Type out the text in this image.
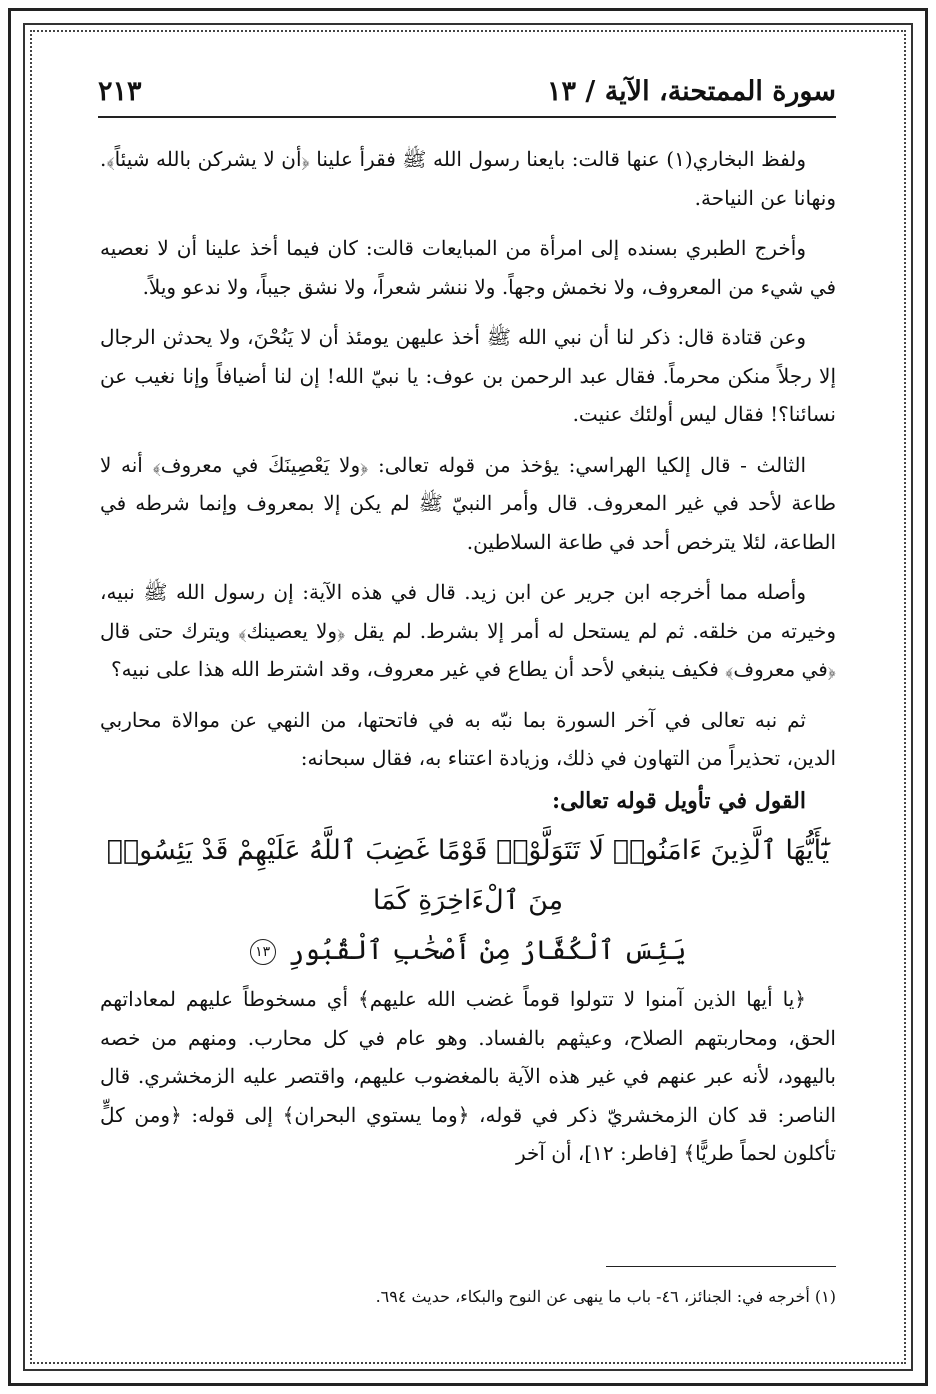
سورة الممتحنة، الآية / ١٣
٢١٣

ولفظ البخاري(١) عنها قالت: بايعنا رسول الله ﷺ فقرأ علينا ﴿أن لا يشركن بالله شيئاً﴾. ونهانا عن النياحة.

وأخرج الطبري بسنده إلى امرأة من المبايعات قالت: كان فيما أخذ علينا أن لا نعصيه في شيء من المعروف، ولا نخمش وجهاً. ولا ننشر شعراً، ولا نشق جيباً، ولا ندعو ويلاً.

وعن قتادة قال: ذكر لنا أن نبي الله ﷺ أخذ عليهن يومئذ أن لا يَنُحْنَ، ولا يحدثن الرجال إلا رجلاً منكن محرماً. فقال عبد الرحمن بن عوف: يا نبيّ الله! إن لنا أضيافاً وإنا نغيب عن نسائنا؟! فقال ليس أولئك عنيت.

الثالث - قال إلكيا الهراسي: يؤخذ من قوله تعالى: ﴿ولا يَعْصِينَكَ في معروف﴾ أنه لا طاعة لأحد في غير المعروف. قال وأمر النبيّ ﷺ لم يكن إلا بمعروف وإنما شرطه في الطاعة، لئلا يترخص أحد في طاعة السلاطين.

وأصله مما أخرجه ابن جرير عن ابن زيد. قال في هذه الآية: إن رسول الله ﷺ نبيه، وخيرته من خلقه. ثم لم يستحل له أمر إلا بشرط. لم يقل ﴿ولا يعصينك﴾ ويترك حتى قال ﴿في معروف﴾ فكيف ينبغي لأحد أن يطاع في غير معروف، وقد اشترط الله هذا على نبيه؟

ثم نبه تعالى في آخر السورة بما نبّه به في فاتحتها، من النهي عن موالاة محاربي الدين، تحذيراً من التهاون في ذلك، وزيادة اعتناء به، فقال سبحانه:

القول في تأويل قوله تعالى:
يَٰٓأَيُّهَا ٱلَّذِينَ ءَامَنُوا۟ لَا تَتَوَلَّوْا۟ قَوْمًا غَضِبَ ٱللَّهُ عَلَيْهِمْ قَدْ يَئِسُوا۟ مِنَ ٱلْءَاخِرَةِ كَمَا
يَئِسَ ٱلْكُفَّارُ مِنْ أَصْحَٰبِ ٱلْقُبُورِ ١٣

﴿يا أيها الذين آمنوا لا تتولوا قوماً غضب الله عليهم﴾ أي مسخوطاً عليهم لمعاداتهم الحق، ومحاربتهم الصلاح، وعيثهم بالفساد. وهو عام في كل محارب. ومنهم من خصه باليهود، لأنه عبر عنهم في غير هذه الآية بالمغضوب عليهم، واقتصر عليه الزمخشري. قال الناصر: قد كان الزمخشريّ ذكر في قوله، ﴿وما يستوي البحران﴾ إلى قوله: ﴿ومن كلٍّ تأكلون لحماً طريًّا﴾ [فاطر: ١٢]، أن آخر

(١) أخرجه في: الجنائز، ٤٦- باب ما ينهى عن النوح والبكاء، حديث ٦٩٤.
